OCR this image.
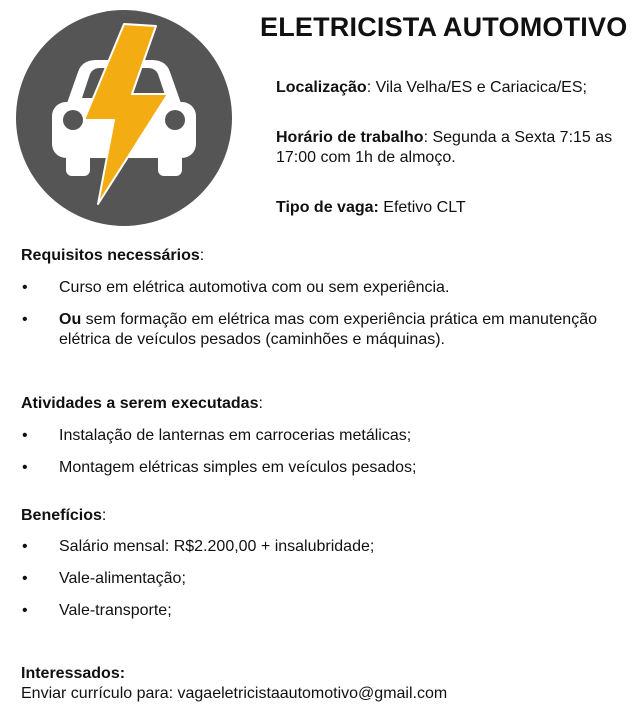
ELETRICISTA AUTOMOTIVO
Localização: Vila Velha/ES e Cariacica/ES;
Horário de trabalho: Segunda a Sexta 7:15 as 17:00 com 1h de almoço.
Tipo de vaga: Efetivo CLT
Requisitos necessários:
• Curso em elétrica automotiva com ou sem experiência.
• Ou sem formação em elétrica mas com experiência prática em manutenção elétrica de veículos pesados (caminhões e máquinas).
Atividades a serem executadas:
• Instalação de lanternas em carrocerias metálicas;
• Montagem elétricas simples em veículos pesados;
Benefícios:
• Salário mensal: R$2.200,00 + insalubridade;
• Vale-alimentação;
• Vale-transporte;
Interessados:
Enviar currículo para: vagaeletricistaautomotivo@gmail.com
